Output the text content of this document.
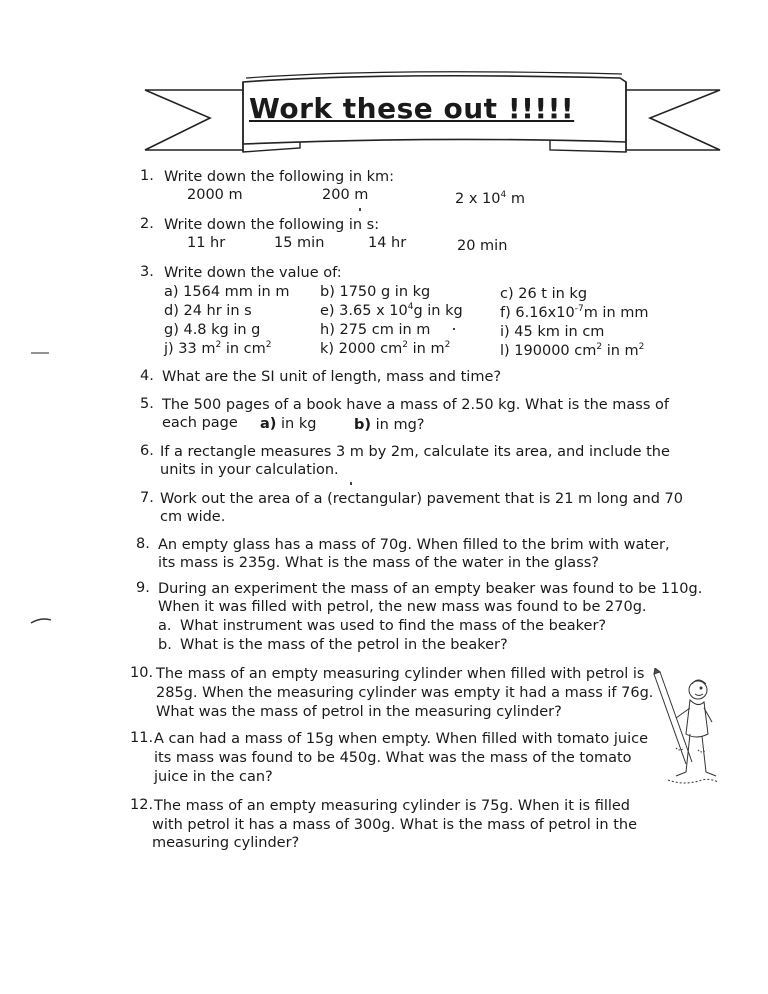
Work these out !!!!!
1. Write down the following in km:
2000 m	200 m	2 x $10^4$ m
2. Write down the following in s:
11 hr	15 min	14 hr	20 min
3. Write down the value of:
a) 1564 mm in m b) 1750 g in kg	c) 26 t in kg
d) 24 hr in s	e) 3.65 x $10^4g$ in kg	f) $6.16x10^{-7}m$ in mm
g) 4.8 kg in g	h) 275 cm in m	i) 45 km in cm
j) 33 $m^2$ in $cm^2$	k) 2000 $cm^2$ in $m^2$	l) 190000 $cm^2$ in $m^2$
4. What are the SI unit of length, mass and time?
5. The 500 pages of a book have a mass of 2.50 kg. What is the mass of
each page a) in kg	b) in mg?
6. If a rectangle measures 3 m by 2m, calculate its area, and include the
units in your calculation.
7. Work out the area of a (rectangular) pavement that is 21 m long and 70
cm wide.
8. An empty glass has a mass of 70g. When filled to the brim with water,
its mass is 235g. What is the mass of the water in the glass?
9. During an experiment the mass of an empty beaker was found to be 110g.
When it was filled with petrol, the new mass was found to be 270g.
a. What instrument was used to find the mass of the beaker?
b. What is the mass of the petrol in the beaker?
10. The mass of an empty measuring cylinder when filled with petrol is
285g. When the measuring cylinder was empty it had a mass if 76g.
What was the mass of petrol in the measuring cylinder?
11. A can had a mass of 15g when empty. When filled with tomato juice
its mass was found to be 450g. What was the mass of the tomato
juice in the can?
12. The mass of an empty measuring cylinder is 75g. When it is filled
with petrol it has a mass of 300g. What is the mass of petrol in the
measuring cylinder?
